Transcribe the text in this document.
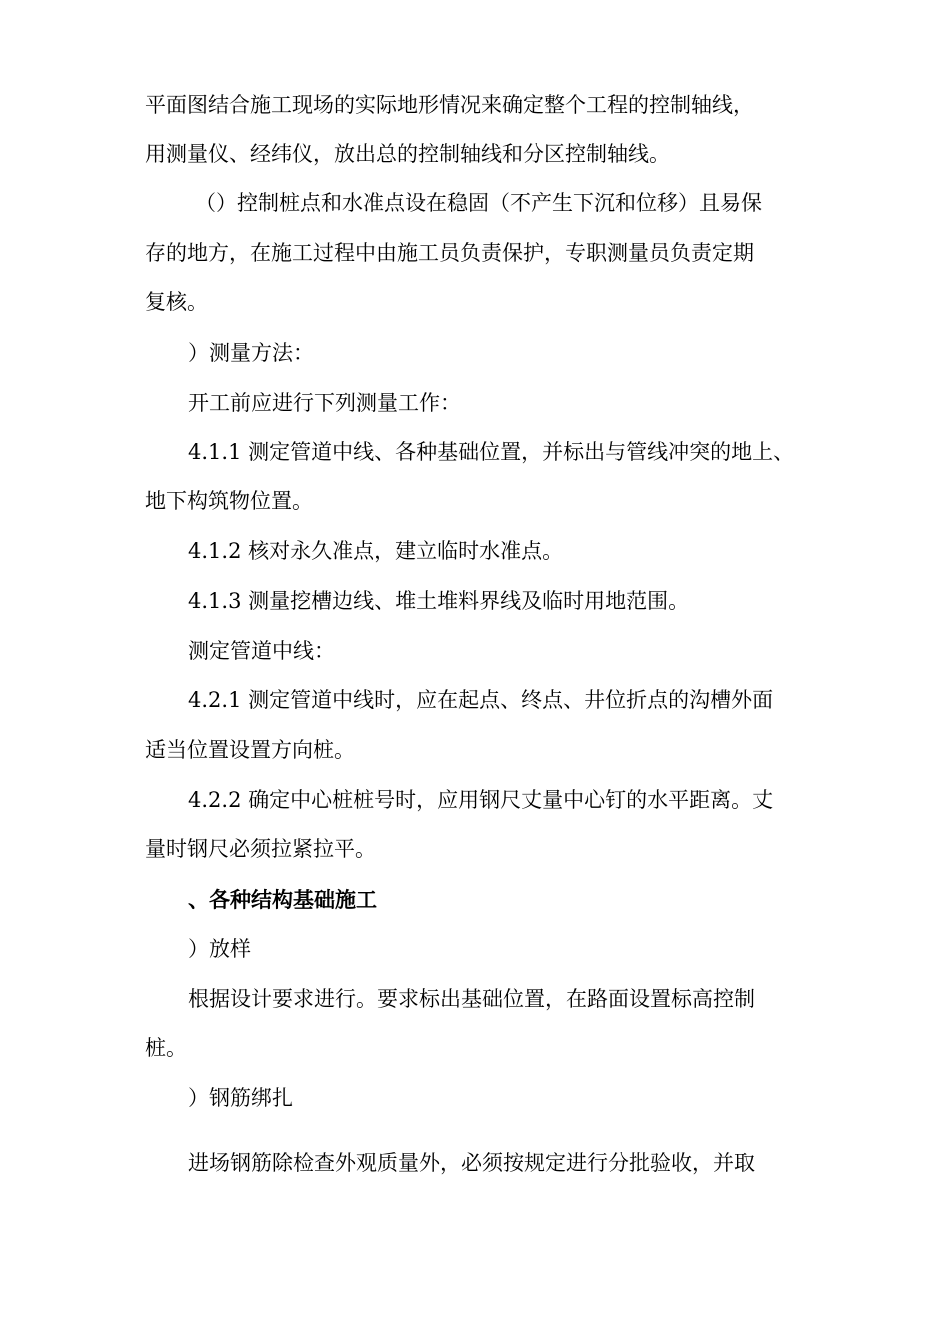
平面图结合施工现场的实际地形情况来确定整个工程的控制轴线，
用测量仪、经纬仪，放出总的控制轴线和分区控制轴线。
（）控制桩点和水准点设在稳固（不产生下沉和位移）且易保
存的地方，在施工过程中由施工员负责保护，专职测量员负责定期
复核。
）测量方法：
开工前应进行下列测量工作：
4.1.1 测定管道中线、各种基础位置，并标出与管线冲突的地上、
地下构筑物位置。
4.1.2 核对永久准点，建立临时水准点。
4.1.3 测量挖槽边线、堆土堆料界线及临时用地范围。
测定管道中线：
4.2.1 测定管道中线时，应在起点、终点、井位折点的沟槽外面
适当位置设置方向桩。
4.2.2 确定中心桩桩号时，应用钢尺丈量中心钉的水平距离。丈
量时钢尺必须拉紧拉平。
、各种结构基础施工
）放样
根据设计要求进行。要求标出基础位置，在路面设置标高控制
桩。
）钢筋绑扎
进场钢筋除检查外观质量外，必须按规定进行分批验收，并取
